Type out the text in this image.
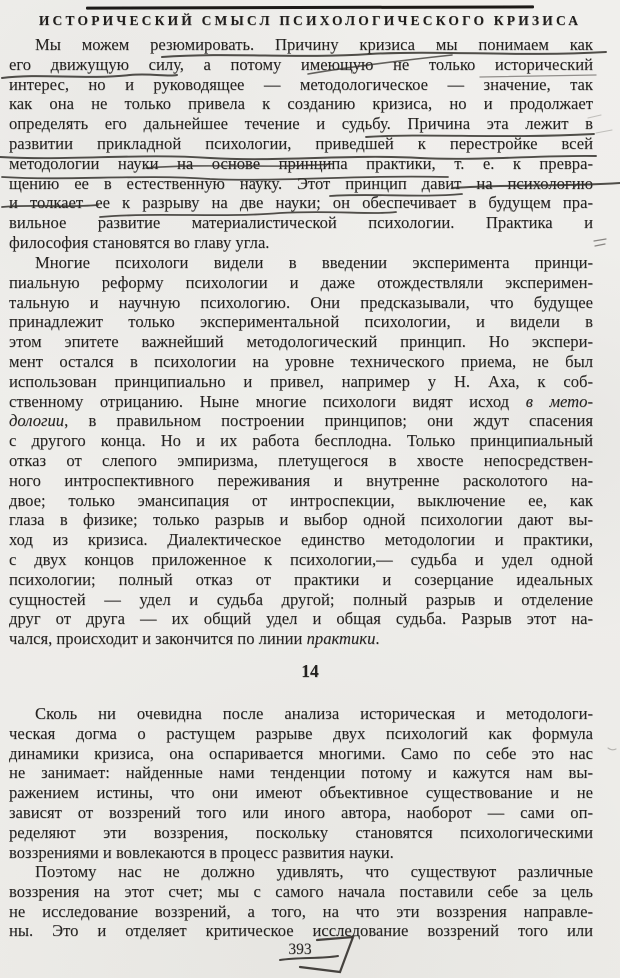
ИСТОРИЧЕСКИЙ СМЫСЛ ПСИХОЛОГИЧЕСКОГО КРИЗИСА
Мы можем резюмировать. Причину кризиса мы понимаем как
его движущую силу, а потому имеющую не только исторический
интерес, но и руководящее — методологическое — значение, так
как она не только привела к созданию кризиса, но и продолжает
определять его дальнейшее течение и судьбу. Причина эта лежит в
развитии прикладной психологии, приведшей к перестройке всей
методологии науки на основе принципа практики, т. е. к превра-
щению ее в естественную науку. Этот принцип давит на психологию
и толкает ее к разрыву на две науки; он обеспечивает в будущем пра-
вильное развитие материалистической психологии. Практика и
философия становятся во главу угла.
Многие психологи видели в введении эксперимента принци-
пиальную реформу психологии и даже отождествляли эксперимен-
тальную и научную психологию. Они предсказывали, что будущее
принадлежит только экспериментальной психологии, и видели в
этом эпитете важнейший методологический принцип. Но экспери-
мент остался в психологии на уровне технического приема, не был
использован принципиально и привел, например у Н. Аха, к соб-
ственному отрицанию. Ныне многие психологи видят исход в мето-
дологии, в правильном построении принципов; они ждут спасения
с другого конца. Но и их работа бесплодна. Только принципиальный
отказ от слепого эмпиризма, плетущегося в хвосте непосредствен-
ного интроспективного переживания и внутренне расколотого на-
двое; только эмансипация от интроспекции, выключение ее, как
глаза в физике; только разрыв и выбор одной психологии дают вы-
ход из кризиса. Диалектическое единство методологии и практики,
с двух концов приложенное к психологии,— судьба и удел одной
психологии; полный отказ от практики и созерцание идеальных
сущностей — удел и судьба другой; полный разрыв и отделение
друг от друга — их общий удел и общая судьба. Разрыв этот на-
чался, происходит и закончится по линии практики.
14
Сколь ни очевидна после анализа историческая и методологи-
ческая догма о растущем разрыве двух психологий как формула
динамики кризиса, она оспаривается многими. Само по себе это нас
не занимает: найденные нами тенденции потому и кажутся нам вы-
ражением истины, что они имеют объективное существование и не
зависят от воззрений того или иного автора, наоборот — сами оп-
ределяют эти воззрения, поскольку становятся психологическими
воззрениями и вовлекаются в процесс развития науки.
Поэтому нас не должно удивлять, что существуют различные
воззрения на этот счет; мы с самого начала поставили себе за цель
не исследование воззрений, а того, на что эти воззрения направле-
ны. Это и отделяет критическое исследование воззрений того или
393
